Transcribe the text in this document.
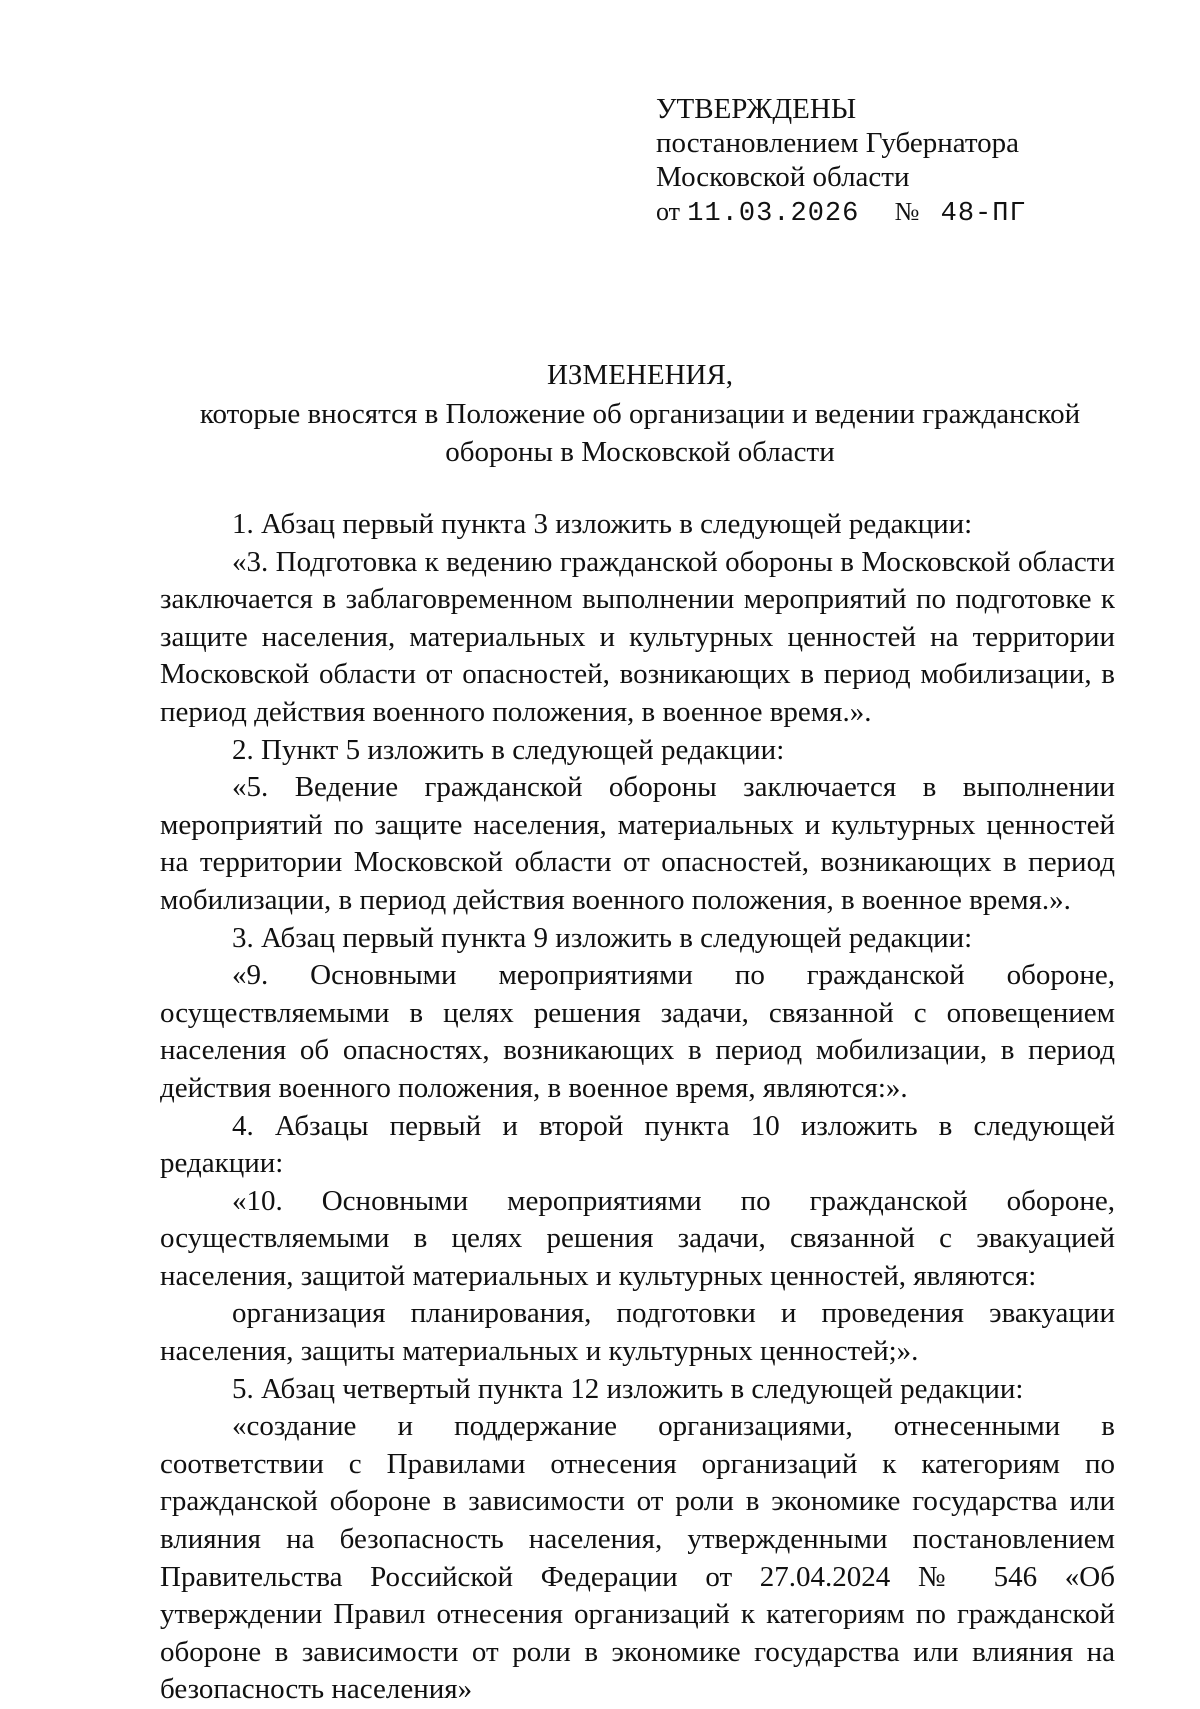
УТВЕРЖДЕНЫ
постановлением Губернатора
Московской области
от 11.03.2026 № 48-ПГ
ИЗМЕНЕНИЯ,
которые вносятся в Положение об организации и ведении гражданской обороны в Московской области

1. Абзац первый пункта 3 изложить в следующей редакции:

«3. Подготовка к ведению гражданской обороны в Московской области заключается в заблаговременном выполнении мероприятий по подготовке к защите населения, материальных и культурных ценностей на территории Московской области от опасностей, возникающих в период мобилизации, в период действия военного положения, в военное время.».

2. Пункт 5 изложить в следующей редакции:

«5. Ведение гражданской обороны заключается в выполнении мероприятий по защите населения, материальных и культурных ценностей на территории Московской области от опасностей, возникающих в период мобилизации, в период действия военного положения, в военное время.».

3. Абзац первый пункта 9 изложить в следующей редакции:

«9. Основными мероприятиями по гражданской обороне, осуществляемыми в целях решения задачи, связанной с оповещением населения об опасностях, возникающих в период мобилизации, в период действия военного положения, в военное время, являются:».

4. Абзацы первый и второй пункта 10 изложить в следующей редакции:

«10. Основными мероприятиями по гражданской обороне, осуществляемыми в целях решения задачи, связанной с эвакуацией населения, защитой материальных и культурных ценностей, являются:

организация планирования, подготовки и проведения эвакуации населения, защиты материальных и культурных ценностей;».

5. Абзац четвертый пункта 12 изложить в следующей редакции:

«создание и поддержание организациями, отнесенными в соответствии с Правилами отнесения организаций к категориям по гражданской обороне в зависимости от роли в экономике государства или влияния на безопасность населения, утвержденными постановлением Правительства Российской Федерации от 27.04.2024 № 546 «Об утверждении Правил отнесения организаций к категориям по гражданской обороне в зависимости от роли в экономике государства или влияния на безопасность населения»
